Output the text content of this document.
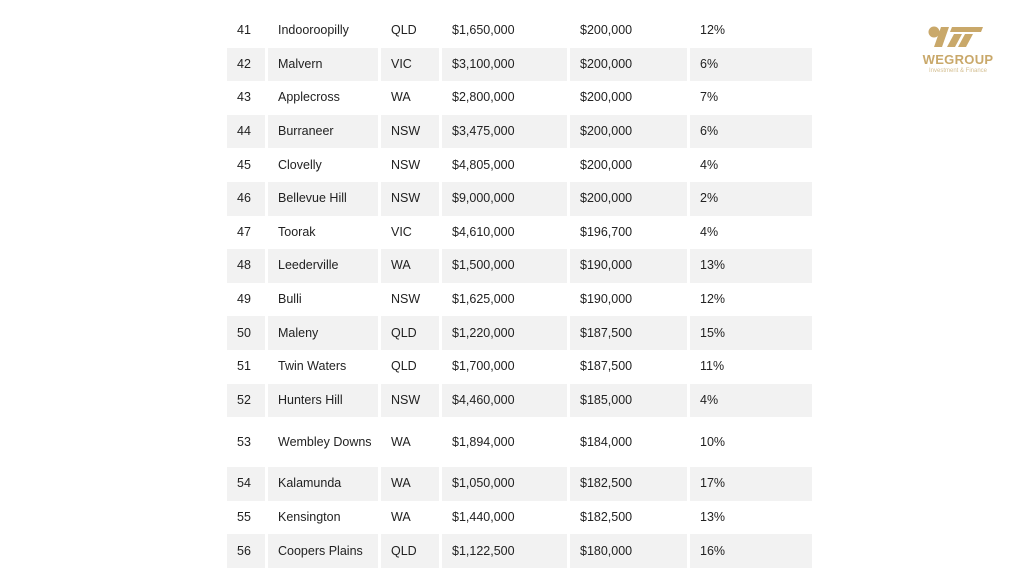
41	Indooroopilly	QLD	$1,650,000	$200,000	12%
42	Malvern	VIC	$3,100,000	$200,000	6%
43	Applecross	WA	$2,800,000	$200,000	7%
44	Burraneer	NSW	$3,475,000	$200,000	6%
45	Clovelly	NSW	$4,805,000	$200,000	4%
46	Bellevue Hill	NSW	$9,000,000	$200,000	2%
47	Toorak	VIC	$4,610,000	$196,700	4%
48	Leederville	WA	$1,500,000	$190,000	13%
49	Bulli	NSW	$1,625,000	$190,000	12%
50	Maleny	QLD	$1,220,000	$187,500	15%
51	Twin Waters	QLD	$1,700,000	$187,500	11%
52	Hunters Hill	NSW	$4,460,000	$185,000	4%
53	Wembley Downs	WA	$1,894,000	$184,000	10%
54	Kalamunda	WA	$1,050,000	$182,500	17%
55	Kensington	WA	$1,440,000	$182,500	13%
56	Coopers Plains	QLD	$1,122,500	$180,000	16%
WEGROUP
Investment & Finance
